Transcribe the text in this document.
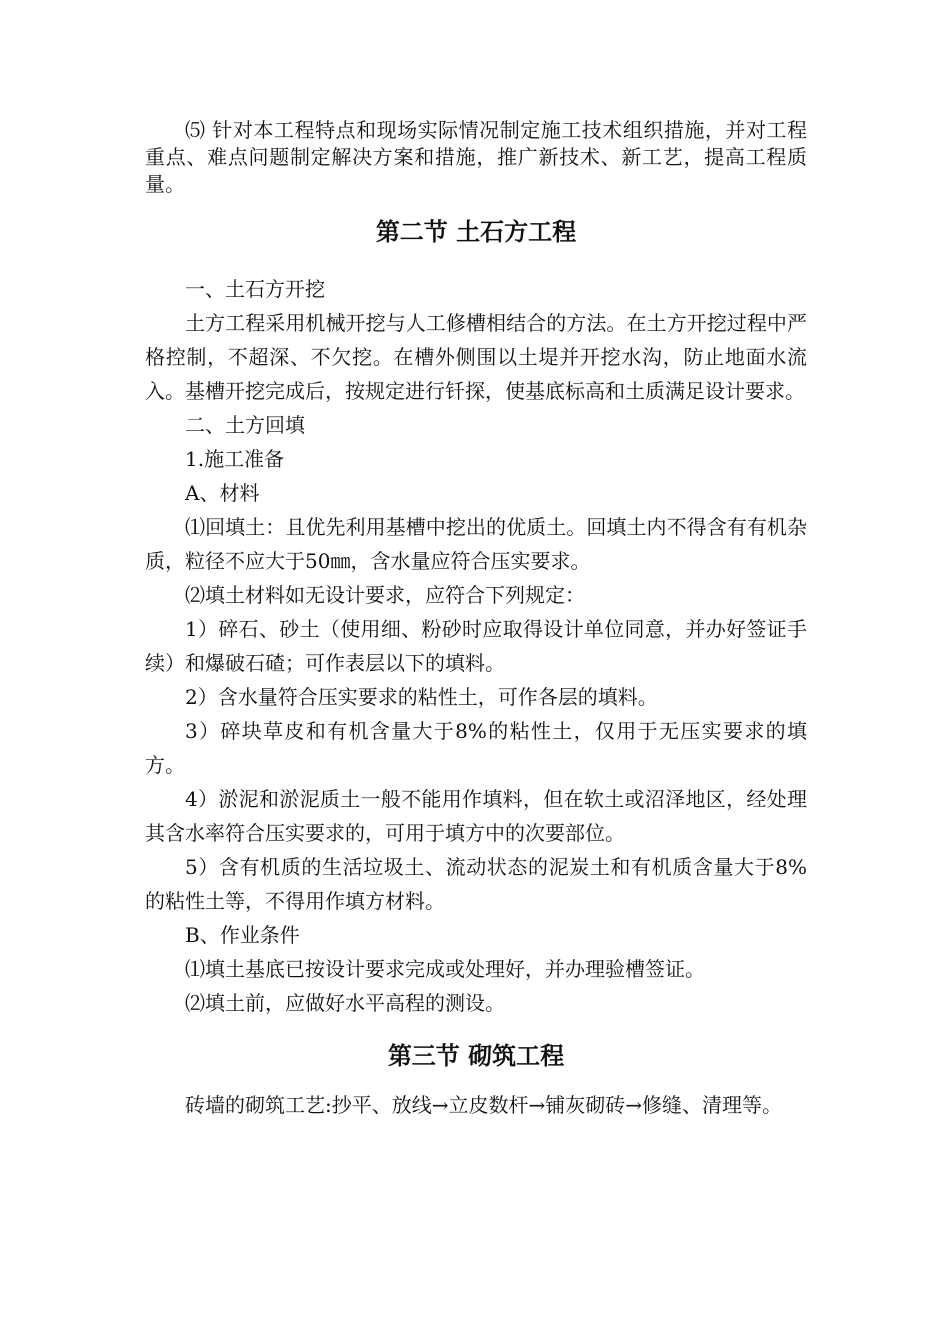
⑸ 针对本工程特点和现场实际情况制定施工技术组织措施，并对工程重点、难点问题制定解决方案和措施，推广新技术、新工艺，提高工程质量。

第二节 土石方工程

一、土石方开挖

土方工程采用机械开挖与人工修槽相结合的方法。在土方开挖过程中严格控制，不超深、不欠挖。在槽外侧围以土堤并开挖水沟，防止地面水流入。基槽开挖完成后，按规定进行钎探，使基底标高和土质满足设计要求。

二、土方回填

1.施工准备

A、材料

⑴回填土：且优先利用基槽中挖出的优质土。回填土内不得含有有机杂质，粒径不应大于50㎜，含水量应符合压实要求。

⑵填土材料如无设计要求，应符合下列规定：

1）碎石、砂土（使用细、粉砂时应取得设计单位同意，并办好签证手续）和爆破石碴；可作表层以下的填料。

2）含水量符合压实要求的粘性土，可作各层的填料。

3）碎块草皮和有机含量大于8%的粘性土，仅用于无压实要求的填方。

4）淤泥和淤泥质土一般不能用作填料，但在软土或沼泽地区，经处理其含水率符合压实要求的，可用于填方中的次要部位。

5）含有机质的生活垃圾土、流动状态的泥炭土和有机质含量大于8%的粘性土等，不得用作填方材料。

B、作业条件

⑴填土基底已按设计要求完成或处理好，并办理验槽签证。

⑵填土前，应做好水平高程的测设。

第三节 砌筑工程

砖墙的砌筑工艺:抄平、放线→立皮数杆→铺灰砌砖→修缝、清理等。
